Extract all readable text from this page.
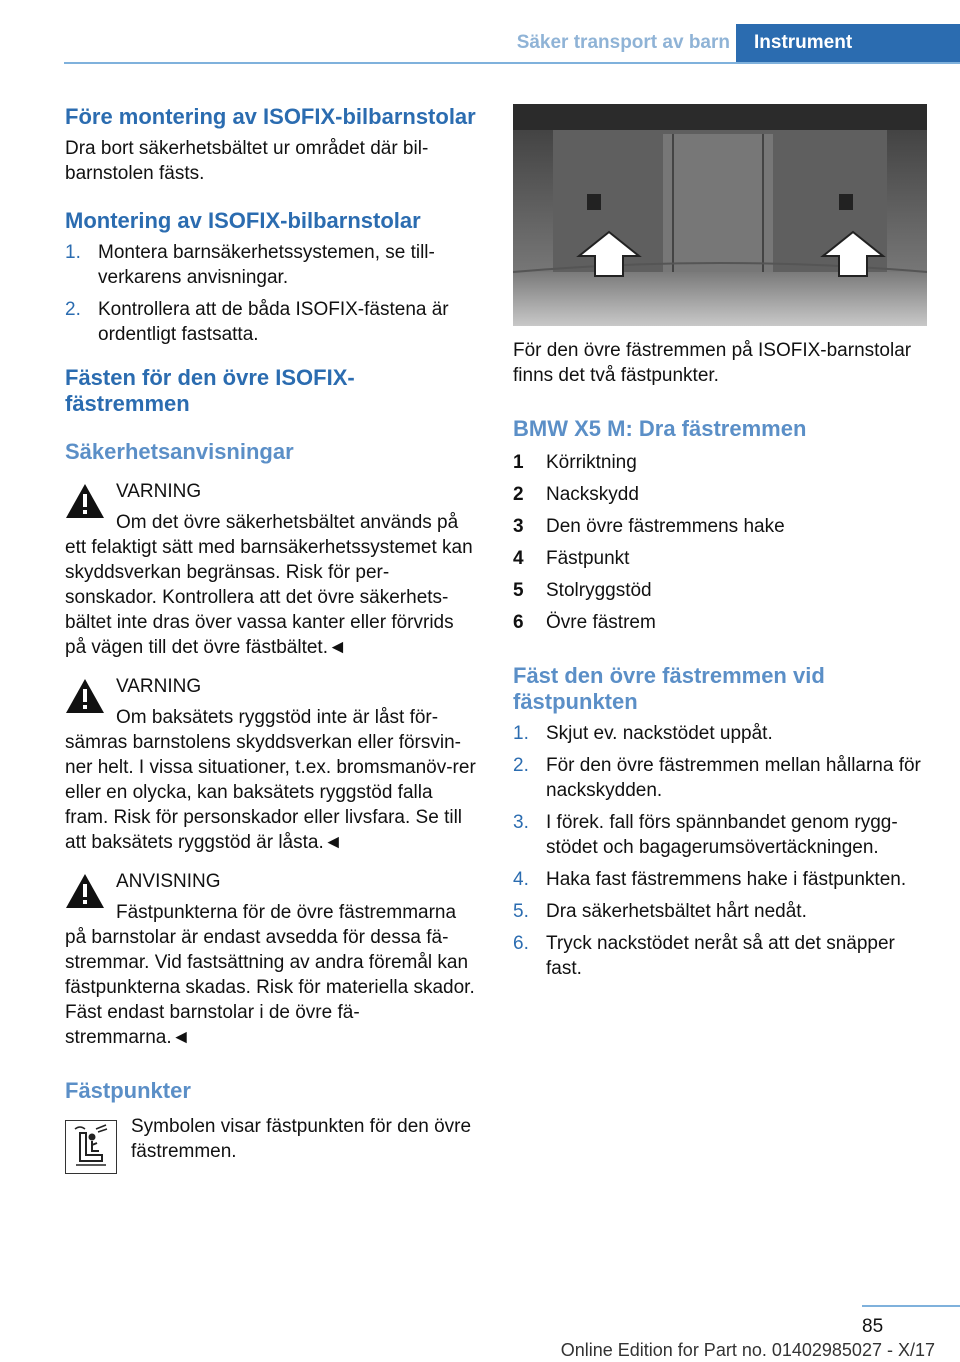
Säker transport av barn	Instrument
Före montering av ISOFIX-bilbarnstolar

Dra bort säkerhetsbältet ur området där bil-barnstolen fästs.

Montering av ISOFIX-bilbarnstolar
1. Montera barnsäkerhetssystemen, se till-verkarens anvisningar.
2. Kontrollera att de båda ISOFIX-fästena är ordentligt fastsatta.
Fästen för den övre ISOFIX-fästremmen
Säkerhetsanvisningar
VARNING
Om det övre säkerhetsbältet används på
ett felaktigt sätt med barnsäkerhetssystemet kan skyddsverkan begränsas. Risk för per-sonskador. Kontrollera att det övre säkerhets-bältet inte dras över vassa kanter eller förvrids på vägen till det övre fästbältet.◄
VARNING
Om baksätets ryggstöd inte är låst för-
sämras barnstolens skyddsverkan eller försvin-ner helt. I vissa situationer, t.ex. bromsmanöv-rer eller en olycka, kan baksätets ryggstöd falla fram. Risk för personskador eller livsfara. Se till att baksätets ryggstöd är låsta.◄
ANVISNING
Fästpunkterna för de övre fästremmarna
på barnstolar är endast avsedda för dessa fä-stremmar. Vid fastsättning av andra föremål kan fästpunkterna skadas. Risk för materiella skador. Fäst endast barnstolar i de övre fä-stremmarna.◄
Fästpunkter
Symbolen visar fästpunkten för den övre fästremmen.

För den övre fästremmen på ISOFIX-barnstolar finns det två fästpunkter.

BMW X5 M: Dra fästremmen
1 Körriktning
2 Nackskydd
3 Den övre fästremmens hake
4 Fästpunkt
5 Stolryggstöd
6 Övre fästrem
Fäst den övre fästremmen vid fästpunkten
1. Skjut ev. nackstödet uppåt.
2. För den övre fästremmen mellan hållarna för nackskydden.
3. I förek. fall förs spännbandet genom rygg-stödet och bagagerumsövertäckningen.
4. Haka fast fästremmens hake i fästpunkten.
5. Dra säkerhetsbältet hårt nedåt.
6. Tryck nackstödet neråt så att det snäpper fast.
85
Online Edition for Part no. 01402985027 - X/17
